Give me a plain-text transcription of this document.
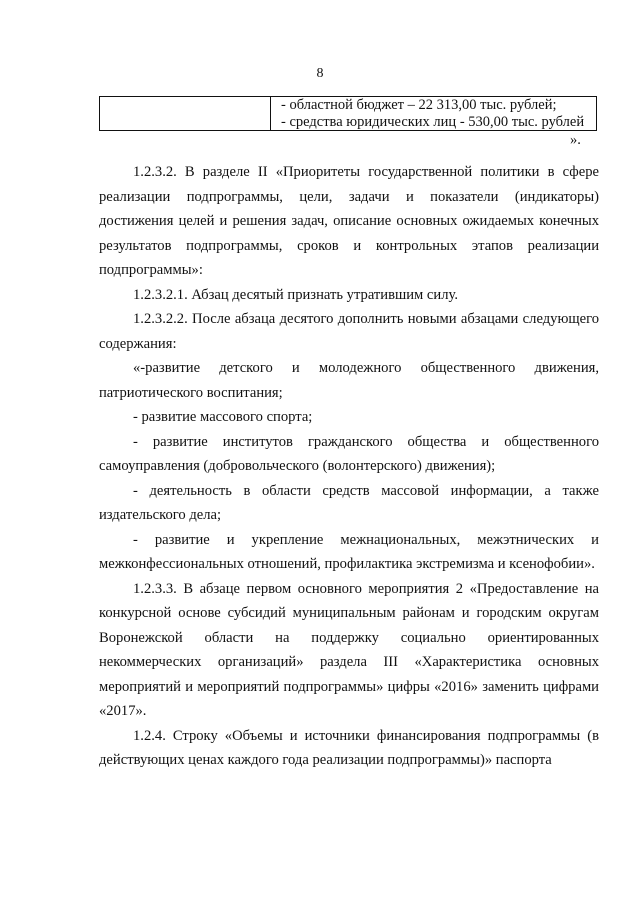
8
- областной бюджет – 22 313,00 тыс. рублей;
- средства юридических лиц - 530,00 тыс. рублей
».

1.2.3.2. В разделе II «Приоритеты государственной политики в сфере реализации подпрограммы, цели, задачи и показатели (индикаторы) достижения целей и решения задач, описание основных ожидаемых конечных результатов подпрограммы, сроков и контрольных этапов реализации подпрограммы»:

1.2.3.2.1. Абзац десятый признать утратившим силу.

1.2.3.2.2. После абзаца десятого дополнить новыми абзацами следующего содержания:

«-развитие детского и молодежного общественного движения, патриотического воспитания;

- развитие массового спорта;

- развитие институтов гражданского общества и общественного самоуправления (добровольческого (волонтерского) движения);

- деятельность в области средств массовой информации, а также издательского дела;

- развитие и укрепление межнациональных, межэтнических и межконфессиональных отношений, профилактика экстремизма и ксенофобии».

1.2.3.3. В абзаце первом основного мероприятия 2 «Предоставление на конкурсной основе субсидий муниципальным районам и городским округам Воронежской области на поддержку социально ориентированных некоммерческих организаций» раздела III «Характеристика основных мероприятий и мероприятий подпрограммы» цифры «2016» заменить цифрами «2017».

1.2.4. Строку «Объемы и источники финансирования подпрограммы (в действующих ценах каждого года реализации подпрограммы)» паспорта
